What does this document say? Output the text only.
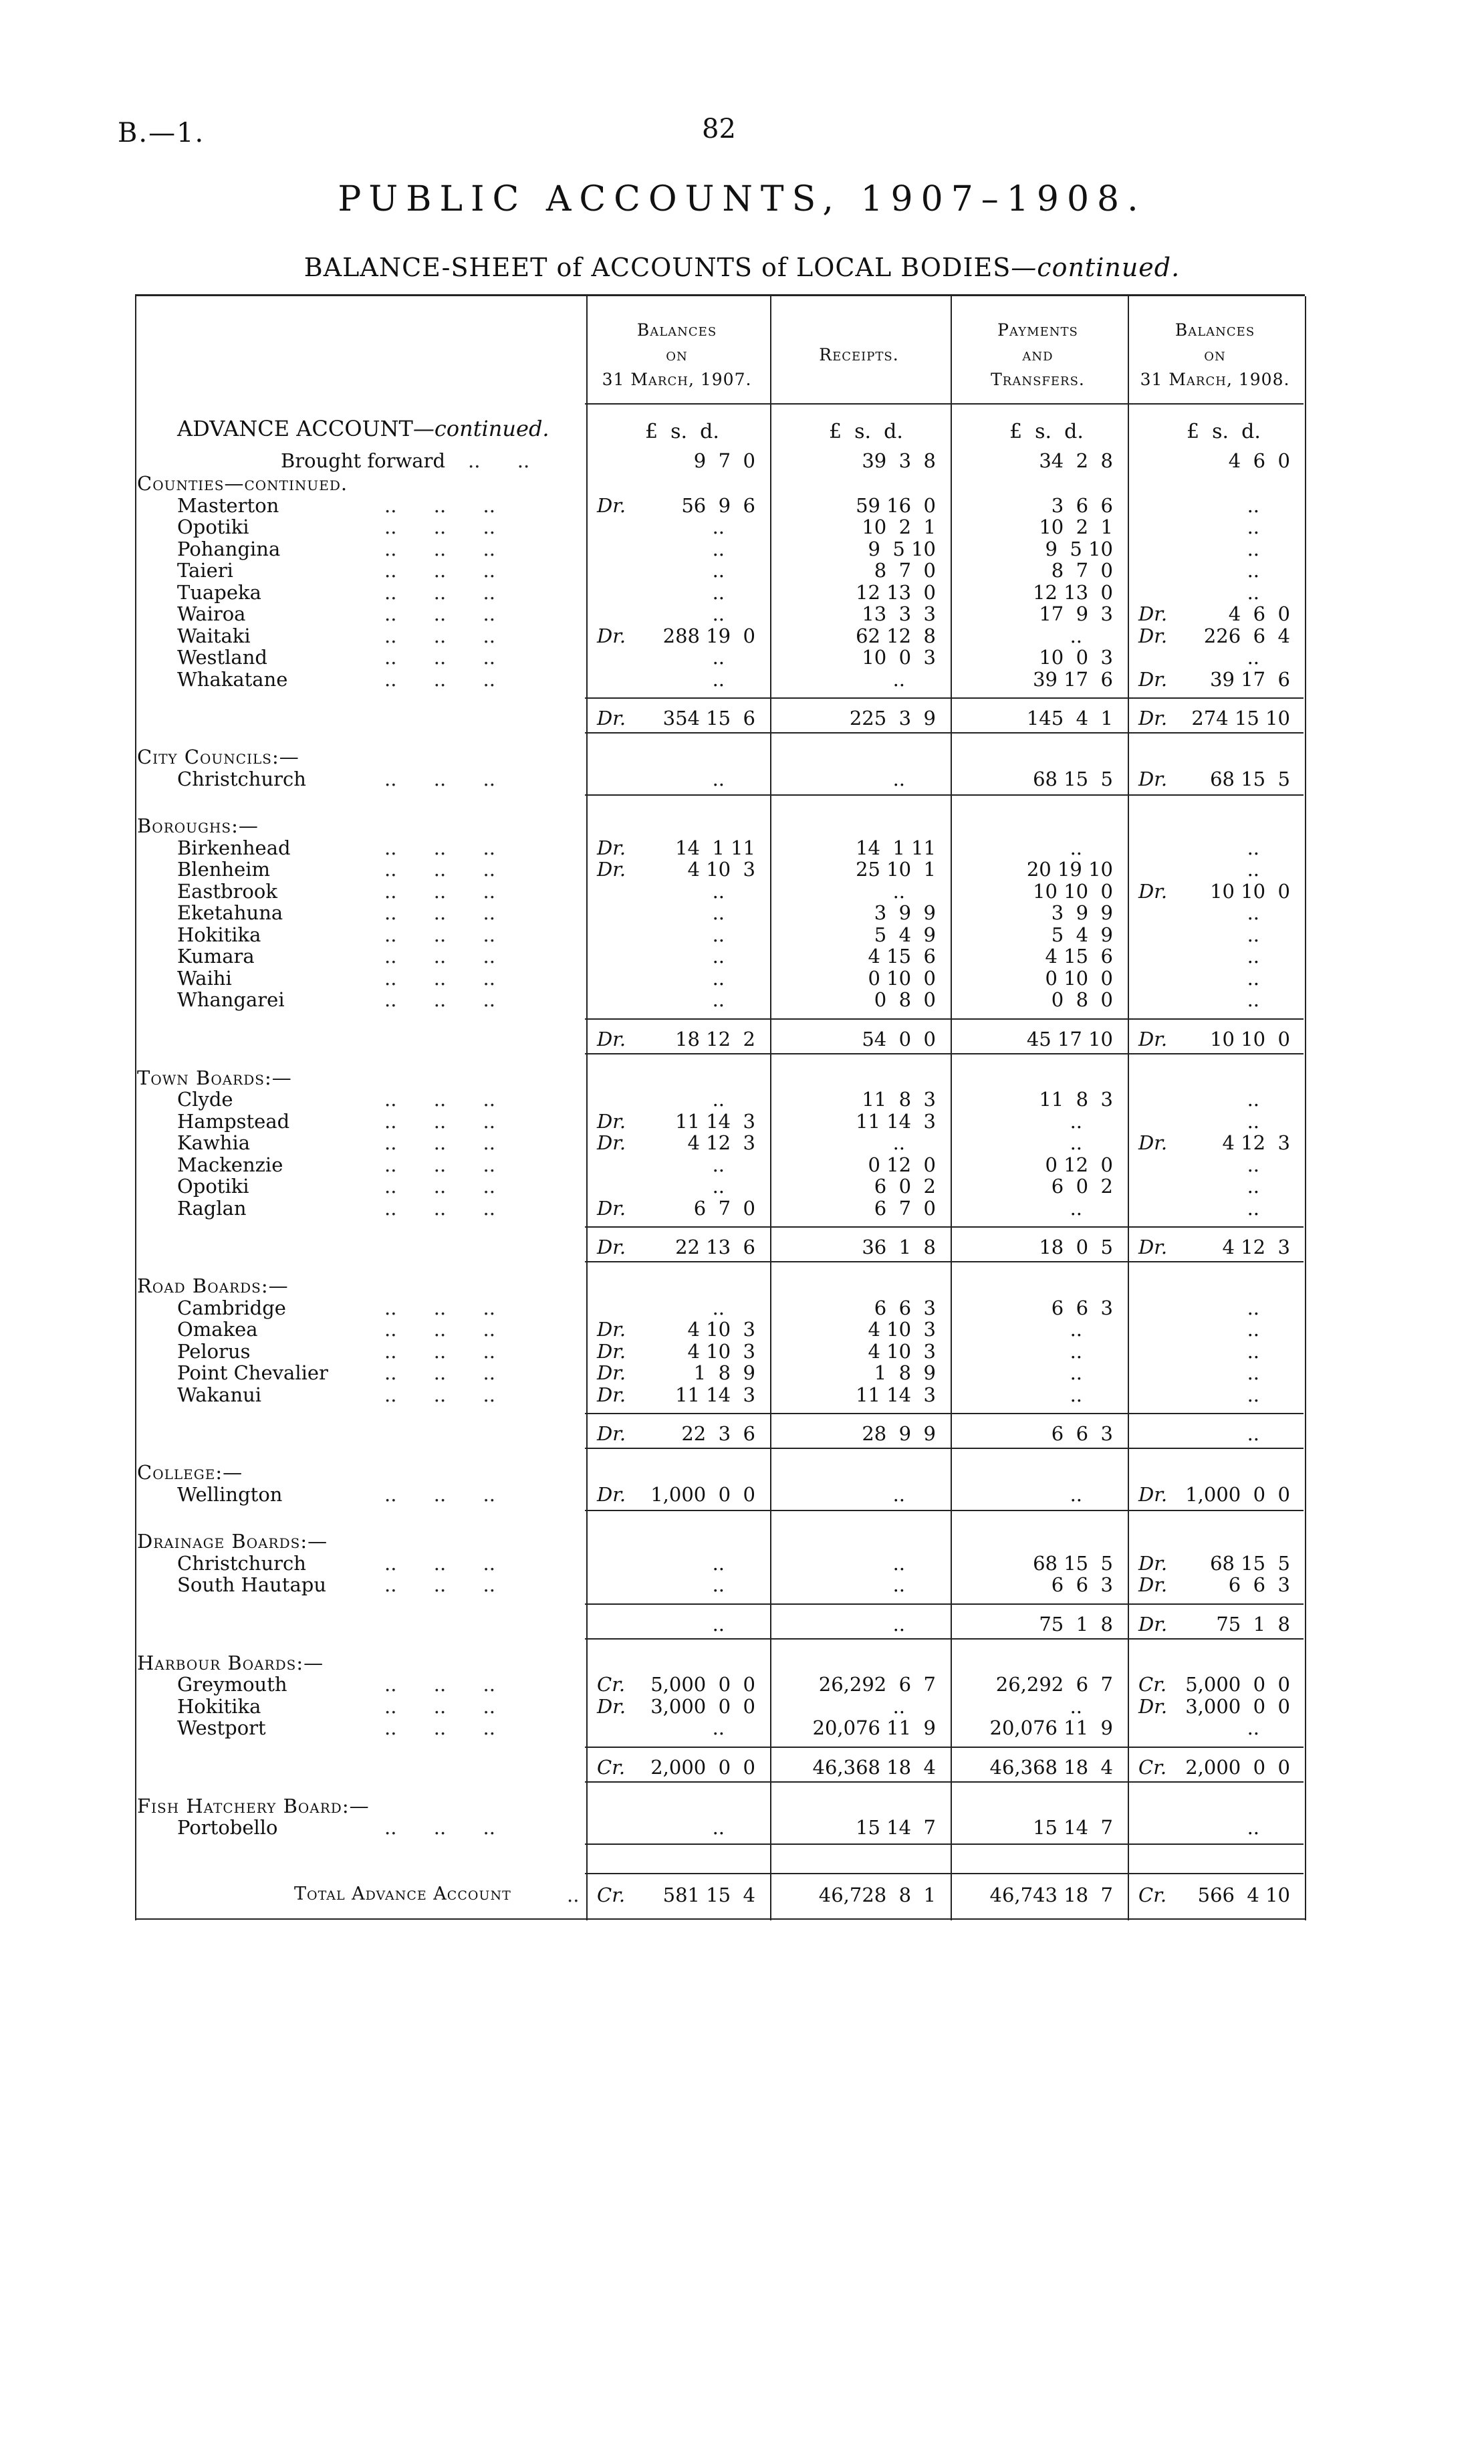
B.—1.	82
PUBLIC ACCOUNTS, 1907–1908.
BALANCE-SHEET of ACCOUNTS of LOCAL BODIES—continued.
Balances
on
31 March, 1907.
Receipts.
Payments
and
Transfers.
Balances
on
31 March, 1908.
£  s.  d.	£  s.  d.	£  s.  d.	£  s.  d.
ADVANCE ACCOUNT—continued.
Brought forward ..      ..	9  7  0	39  3  8	34  2  8	4  6  0
Counties—continued.
Masterton	..      ..      ..	Dr.	56  9  6	59 16  0	3  6  6	..
Opotiki	..      ..      ..	..	10  2  1	10  2  1	..
Pohangina	..      ..      ..	..	9  5 10	9  5 10	..
Taieri	..      ..      ..	..	8  7  0	8  7  0	..
Tuapeka	..      ..      ..	..	12 13  0	12 13  0	..
Wairoa	..      ..      ..	..	13  3  3	17  9  3 Dr.	4  6  0
Waitaki	..      ..      ..	Dr. 288 19  0	62 12  8	..	Dr. 226  6  4
Westland	..      ..      ..	..	10  0  3	10  0  3	..
Whakatane	..      ..      ..	..	..	39 17  6 Dr. 39 17  6
Dr. 354 15  6	225  3  9	145  4  1 Dr. 274 15 10
City Councils:—
Christchurch	..      ..      ..	..	..	68 15  5 Dr. 68 15  5
Boroughs:—
Birkenhead	..      ..      ..	Dr.	14  1 11	14  1 11	..	..
Blenheim	..      ..      ..	Dr.	4 10  3	25 10  1	20 19 10	..
Eastbrook	..      ..      ..	..	..	10 10  0 Dr. 10 10  0
Eketahuna	..      ..      ..	..	3  9  9	3  9  9	..
Hokitika	..      ..      ..	..	5  4  9	5  4  9	..
Kumara	..      ..      ..	..	4 15  6	4 15  6	..
Waihi	..      ..      ..	..	0 10  0	0 10  0	..
Whangarei	..      ..      ..	..	0  8  0	0  8  0	..
Dr.	18 12  2	54  0  0	45 17 10 Dr. 10 10  0
Town Boards:—
Clyde	..      ..      ..	..	11  8  3	11  8  3	..
Hampstead	..      ..      ..	Dr.	11 14  3	11 14  3	..	..
Kawhia	..      ..      ..	Dr.	4 12  3	..	..	Dr.	4 12  3
Mackenzie	..      ..      ..	..	0 12  0	0 12  0	..
Opotiki	..      ..      ..	..	6  0  2	6  0  2	..
Raglan	..      ..      ..	Dr.	6  7  0	6  7  0	..	..
Dr.	22 13  6	36  1  8	18  0  5 Dr.	4 12  3
Road Boards:—
Cambridge	..      ..      ..	..	6  6  3	6  6  3	..
Omakea	..      ..      ..	Dr.	4 10  3	4 10  3	..	..
Pelorus	..      ..      ..	Dr.	4 10  3	4 10  3	..	..
Point Chevalier	..      ..      ..	Dr.	1  8  9	1  8  9	..	..
Wakanui	..      ..      ..	Dr.	11 14  3	11 14  3	..	..
Dr.	22  3  6	28  9  9	6  6  3	..
College:—
Wellington	..      ..      ..	Dr. 1,000  0  0	..	..	Dr. 1,000  0  0
Drainage Boards:—
Christchurch	..      ..      ..	..	..	68 15  5 Dr. 68 15  5
South Hautapu	..      ..      ..	..	..	6  6  3 Dr.	6  6  3
..	..	75  1  8 Dr.	75  1  8
Harbour Boards:—
Greymouth	..      ..      ..	Cr. 5,000  0  0	26,292  6  7	26,292  6  7 Cr. 5,000  0  0
Hokitika	..      ..      ..	Dr. 3,000  0  0	..	..	Dr. 3,000  0  0
Westport	..      ..      ..	..	20,076 11  9	20,076 11  9	..
Cr. 2,000  0  0	46,368 18  4	46,368 18  4 Cr. 2,000  0  0
Fish Hatchery Board:—
Portobello	..      ..      ..	..	15 14  7	15 14  7	..
Total Advance Account	.. Cr. 581 15  4	46,728  8  1	46,743 18  7 Cr. 566  4 10
